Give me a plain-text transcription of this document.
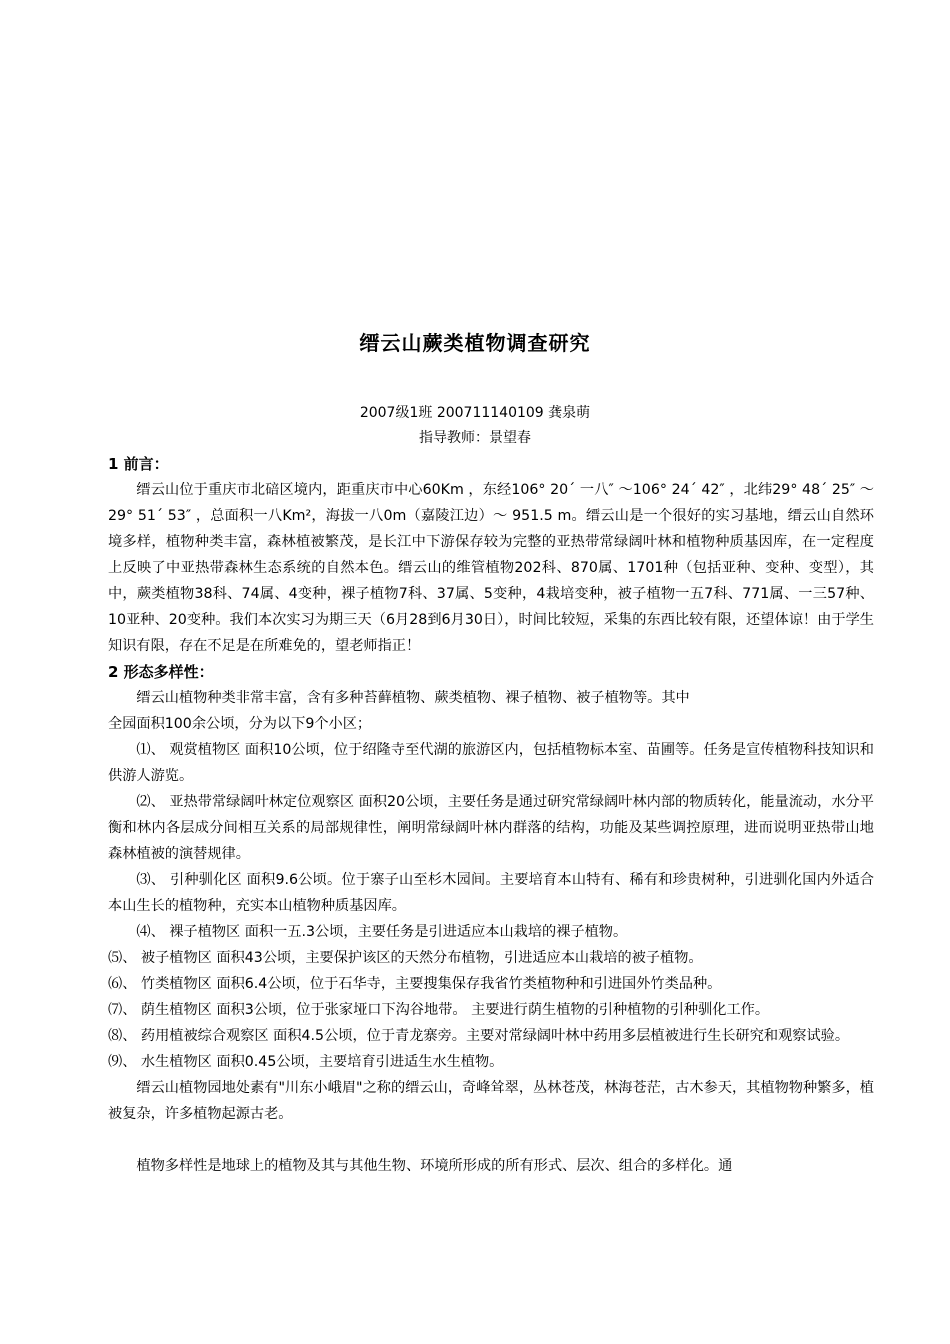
缙云山蕨类植物调查研究
2007级1班 200711140109 龚泉萌
指导教师：景望春
1 前言：

缙云山位于重庆市北碚区境内，距重庆市中心60Km ，东经106° 20´ 一八″ ～106° 24´ 42″ ，北纬29° 48´ 25″ ～29° 51´ 53″ ，总面积一八Km²，海拔一八0m（嘉陵江边）～ 951.5 m。缙云山是一个很好的实习基地，缙云山自然环境多样，植物种类丰富，森林植被繁茂，是长江中下游保存较为完整的亚热带常绿阔叶林和植物种质基因库，在一定程度上反映了中亚热带森林生态系统的自然本色。缙云山的维管植物202科、870属、1701种（包括亚种、变种、变型），其中，蕨类植物38科、74属、4变种，裸子植物7科、37属、5变种，4栽培变种，被子植物一五7科、771属、一三57种、10亚种、20变种。我们本次实习为期三天（6月28到6月30日），时间比较短，采集的东西比较有限，还望体谅！由于学生知识有限，存在不足是在所难免的，望老师指正！

2 形态多样性：

缙云山植物种类非常丰富，含有多种苔藓植物、蕨类植物、裸子植物、被子植物等。其中

全园面积100余公顷，分为以下9个小区；

⑴、 观赏植物区 面积10公顷，位于绍隆寺至代湖的旅游区内，包括植物标本室、苗圃等。任务是宣传植物科技知识和供游人游览。

⑵、 亚热带常绿阔叶林定位观察区 面积20公顷，主要任务是通过研究常绿阔叶林内部的物质转化，能量流动，水分平衡和林内各层成分间相互关系的局部规律性，阐明常绿阔叶林内群落的结构，功能及某些调控原理，进而说明亚热带山地森林植被的演替规律。

⑶、 引种驯化区 面积9.6公顷。位于寨子山至杉木园间。主要培育本山特有、稀有和珍贵树种，引进驯化国内外适合本山生长的植物种，充实本山植物种质基因库。

⑷、 裸子植物区 面积一五.3公顷，主要任务是引进适应本山栽培的裸子植物。

⑸、 被子植物区 面积43公顷，主要保护该区的天然分布植物，引进适应本山栽培的被子植物。

⑹、 竹类植物区 面积6.4公顷，位于石华寺，主要搜集保存我省竹类植物种和引进国外竹类品种。

⑺、 荫生植物区 面积3公顷，位于张家垭口下沟谷地带。 主要进行荫生植物的引种植物的引种驯化工作。

⑻、 药用植被综合观察区 面积4.5公顷，位于青龙寨旁。主要对常绿阔叶林中药用多层植被进行生长研究和观察试验。

⑼、 水生植物区 面积0.45公顷，主要培育引进适生水生植物。

缙云山植物园地处素有"川东小峨眉"之称的缙云山，奇峰耸翠，丛林苍茂，林海苍茫，古木参天，其植物物种繁多，植被复杂，许多植物起源古老。

植物多样性是地球上的植物及其与其他生物、环境所形成的所有形式、层次、组合的多样化。通
